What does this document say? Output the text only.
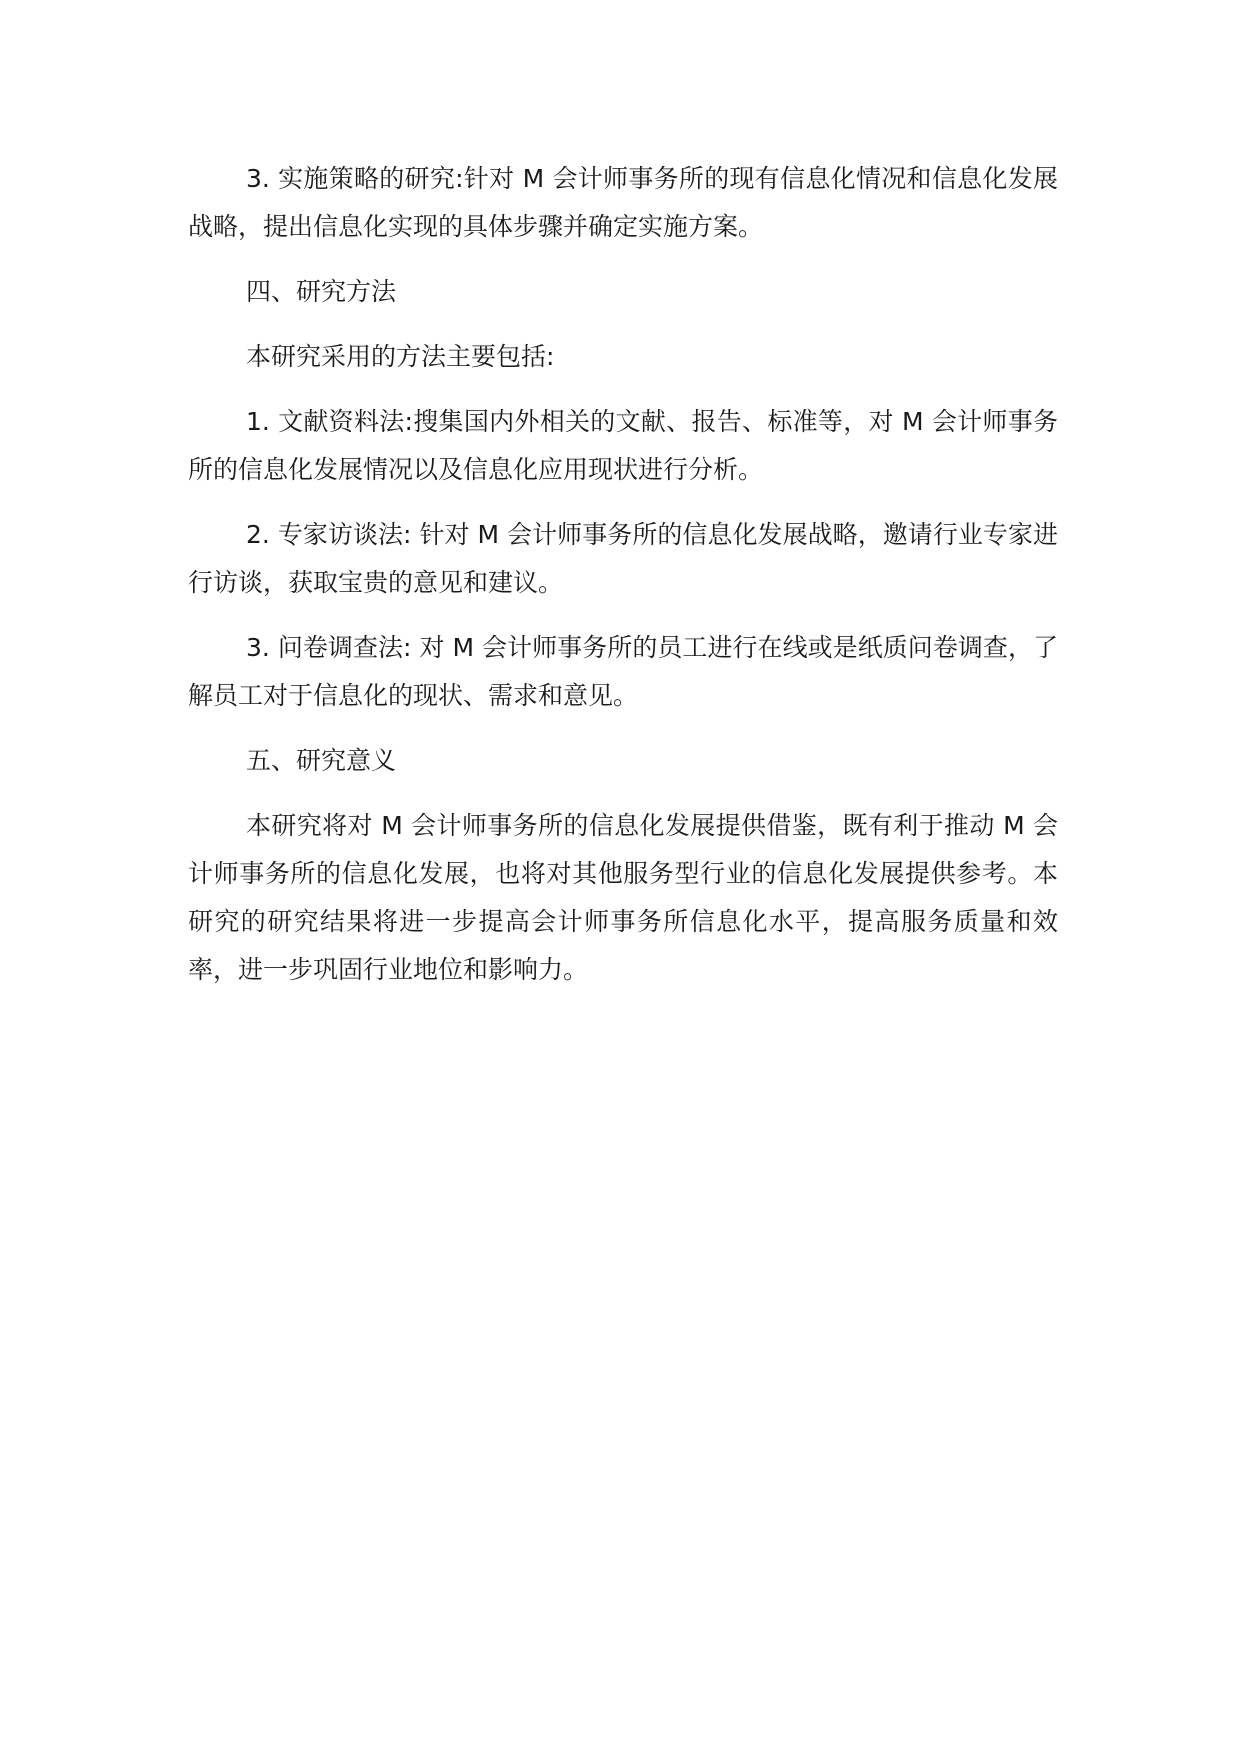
3. 实施策略的研究:针对 M 会计师事务所的现有信息化情况和信息化发展战略，提出信息化实现的具体步骤并确定实施方案。

四、研究方法

本研究采用的方法主要包括:

1. 文献资料法:搜集国内外相关的文献、报告、标准等，对 M 会计师事务所的信息化发展情况以及信息化应用现状进行分析。

2. 专家访谈法: 针对 M 会计师事务所的信息化发展战略，邀请行业专家进行访谈，获取宝贵的意见和建议。

3. 问卷调查法: 对 M 会计师事务所的员工进行在线或是纸质问卷调查，了解员工对于信息化的现状、需求和意见。

五、研究意义

本研究将对 M 会计师事务所的信息化发展提供借鉴，既有利于推动 M 会计师事务所的信息化发展，也将对其他服务型行业的信息化发展提供参考。本研究的研究结果将进一步提高会计师事务所信息化水平，提高服务质量和效率，进一步巩固行业地位和影响力。
